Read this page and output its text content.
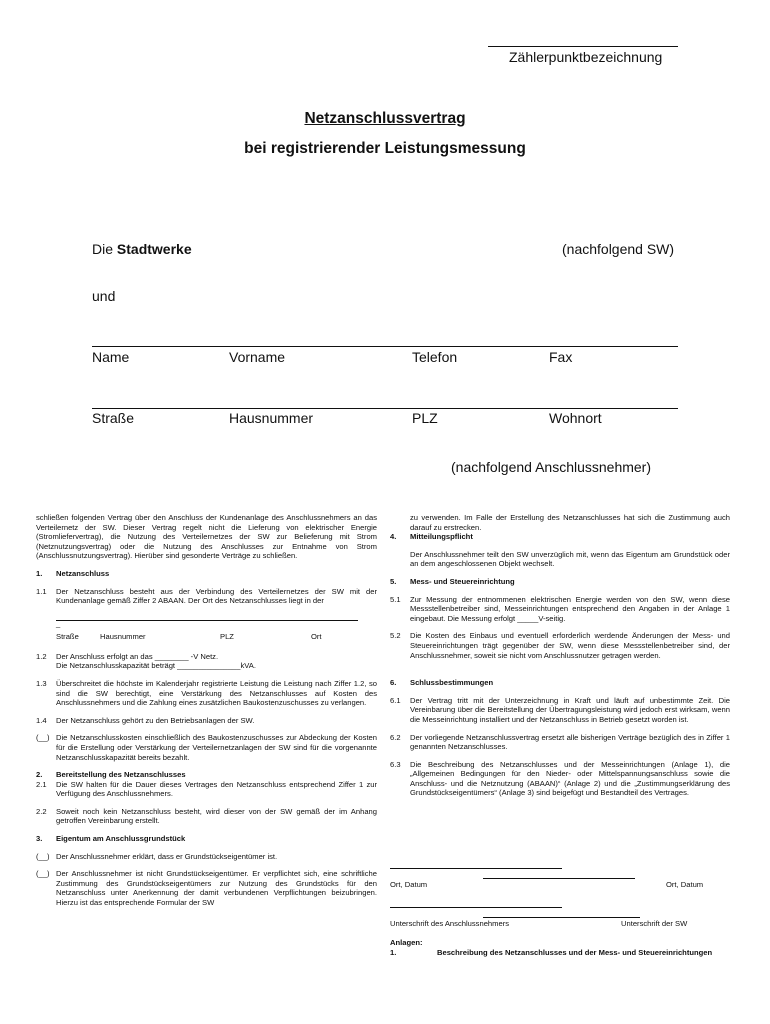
Zählerpunktbezeichnung
Netzanschlussvertrag
bei registrierender Leistungsmessung
Die Stadtwerke	(nachfolgend SW)
und
Name	Vorname	Telefon	Fax
Straße	Hausnummer	PLZ	Wohnort
(nachfolgend Anschlussnehmer)

schließen folgenden Vertrag über den Anschluss der Kundenanlage des Anschlussnehmers an das Verteilernetz der SW. Dieser Vertrag regelt nicht die Lieferung von elektrischer Energie (Stromliefervertrag), die Nutzung des Verteilernetzes der SW zur Belieferung mit Strom (Netznutzungsvertrag) oder die Nutzung des Anschlusses zur Entnahme von Strom (Anschlussnutzungsvertrag). Hierüber sind gesonderte Verträge zu schließen.

1. Netzanschluss
1.1 Der Netzanschluss besteht aus der Verbindung des Verteilernetzes der SW mit der Kundenanlage gemäß Ziffer 2 ABAAN. Der Ort des Netzanschlusses liegt in der

_
Straße	Hausnummer	PLZ	Ort
1.2 Der Anschluss erfolgt an das ________ -V Netz.

Die Netzanschlusskapazität beträgt _______________kVA.

1.3 Überschreitet die höchste im Kalenderjahr registrierte Leistung die Leistung nach Ziffer 1.2, so sind die SW berechtigt, eine Verstärkung des Netzanschlusses auf Kosten des Anschlussnehmers und die Zahlung eines zusätzlichen Baukostenzuschusses zu verlangen.

1.4 Der Netzanschluss gehört zu den Betriebsanlagen der SW.

(__) Die Netzanschlusskosten einschließlich des Baukostenzuschusses zur Abdeckung der Kosten für die Erstellung oder Verstärkung der Verteilernetzanlagen der SW sind für die vorgenannte Netzanschlusskapazität bereits bezahlt.

2. Bereitstellung des Netzanschlusses
2.1 Die SW halten für die Dauer dieses Vertrages den Netzanschluss entsprechend Ziffer 1 zur Verfügung des Anschlussnehmers.

2.2 Soweit noch kein Netzanschluss besteht, wird dieser von der SW gemäß der im Anhang getroffen Vereinbarung erstellt.

3. Eigentum am Anschlussgrundstück
(__) Der Anschlussnehmer erklärt, dass er Grundstückseigentümer ist.

(__) Der Anschlussnehmer ist nicht Grundstückseigentümer. Er verpflichtet sich, eine schriftliche Zustimmung des Grundstückseigentümers zur Nutzung des Grundstücks für den Netzanschluss unter Anerkennung der damit verbundenen Verpflichtungen beizubringen. Hierzu ist das entsprechende Formular der SW

zu verwenden. Im Falle der Erstellung des Netzanschlusses hat sich die Zustimmung auch darauf zu erstrecken.

4. Mitteilungspflicht

Der Anschlussnehmer teilt den SW unverzüglich mit, wenn das Eigentum am Grundstück oder an dem angeschlossenen Objekt wechselt.

5. Mess- und Steuereinrichtung
5.1 Zur Messung der entnommenen elektrischen Energie werden von den SW, wenn diese Messstellenbetreiber sind, Messeinrichtungen entsprechend den Angaben in der Anlage 1 eingebaut. Die Messung erfolgt _____V-seitig.

5.2 Die Kosten des Einbaus und eventuell erforderlich werdende Änderungen der Mess- und Steuereinrichtungen trägt gegenüber der SW, wenn diese Messstellenbetreiber sind, der Anschlussnehmer, soweit sie nicht vom Anschlussnutzer getragen werden.

6. Schlussbestimmungen
6.1 Der Vertrag tritt mit der Unterzeichnung in Kraft und läuft auf unbestimmte Zeit. Die Vereinbarung über die Bereitstellung der Übertragungsleistung wird jedoch erst wirksam, wenn die Messeinrichtung installiert und der Netzanschluss in Betrieb gesetzt worden ist.

6.2 Der vorliegende Netzanschlussvertrag ersetzt alle bisherigen Verträge bezüglich des in Ziffer 1 genannten Netzanschlusses.

6.3 Die Beschreibung des Netzanschlusses und der Messeinrichtungen (Anlage 1), die „Allgemeinen Bedingungen für den Nieder- oder Mittelspannungsanschluss sowie die Anschluss- und die Netznutzung (ABAAN)“ (Anlage 2) und die „Zustimmungserklärung des Grundstückseigentümers“ (Anlage 3) sind beigefügt und Bestandteil des Vertrages.

Ort, Datum	Ort, Datum
Unterschrift des Anschlussnehmers	Unterschrift der SW
Anlagen:
1.	Beschreibung des Netzanschlusses und der Mess- und Steuereinrichtungen
